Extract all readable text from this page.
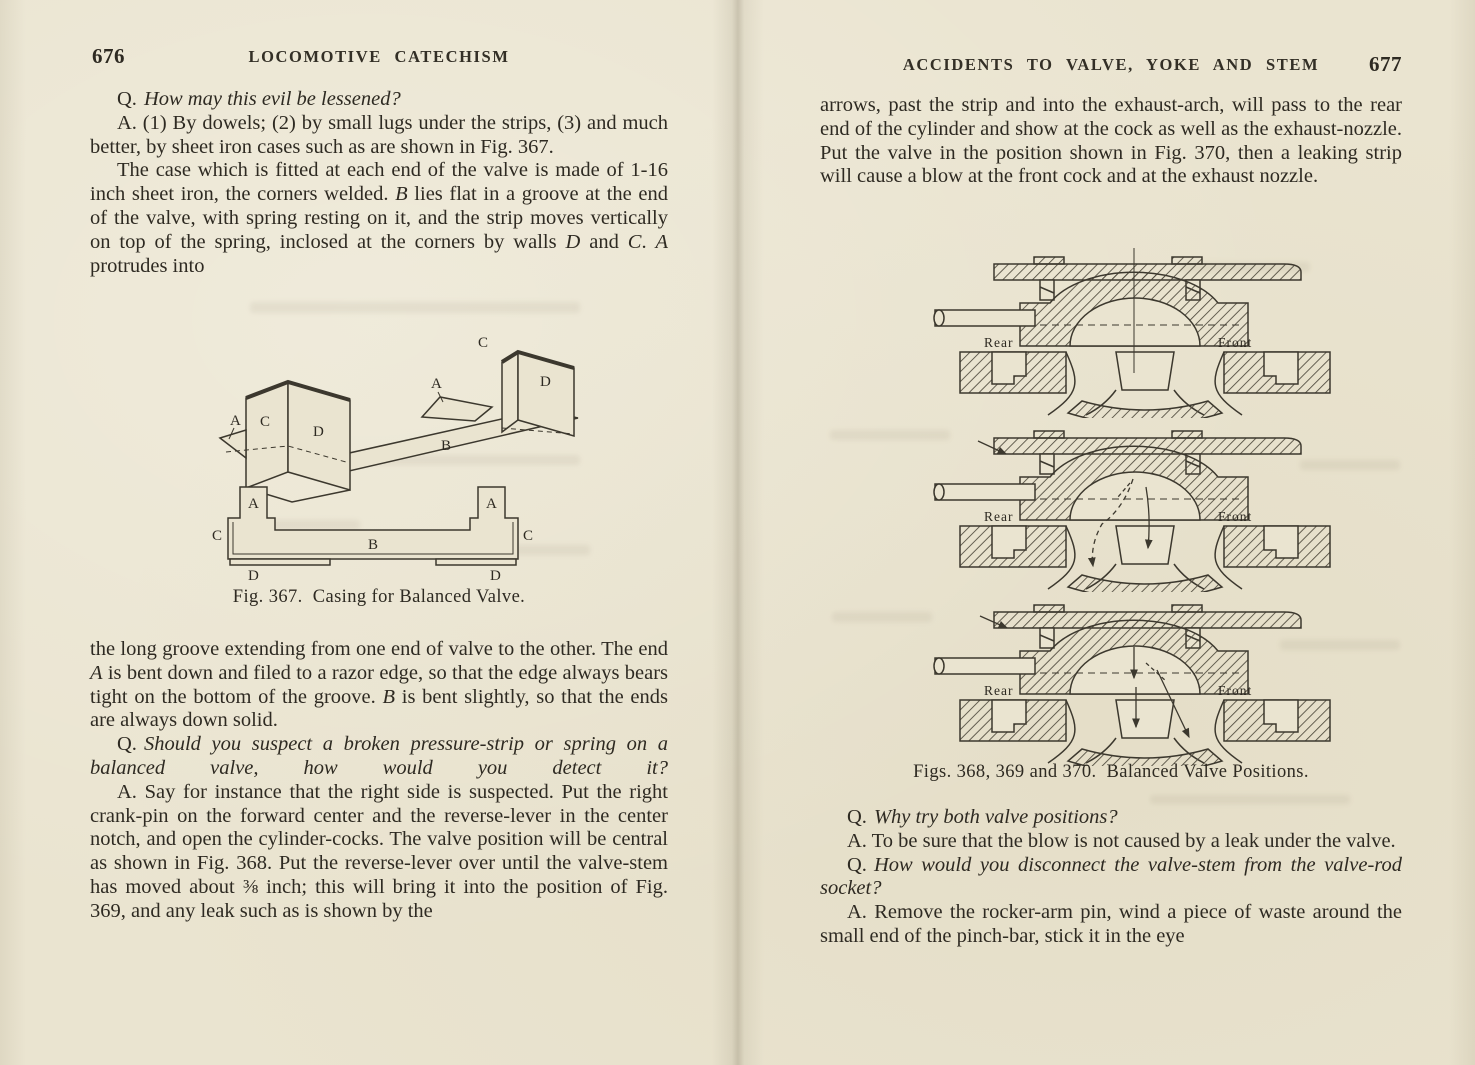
676	LOCOMOTIVE CATECHISM

Q. How may this evil be lessened?

A. (1) By dowels; (2) by small lugs under the strips, (3) and much better, by sheet iron cases such as are shown in Fig. 367.

The case which is fitted at each end of the valve is made of 1-16 inch sheet iron, the corners welded. B lies flat in a groove at the end of the valve, with spring resting on it, and the strip moves vertically on top of the spring, inclosed at the corners by walls D and C. A protrudes into

A
A
C
D
B
C
D
A	A
C	C
B
D	D
Fig. 367.  Casing for Balanced Valve.

the long groove extending from one end of valve to the other. The end A is bent down and filed to a razor edge, so that the edge always bears tight on the bottom of the groove. B is bent slightly, so that the ends are always down solid.

Q. Should you suspect a broken pressure-strip or spring on a balanced valve, how would you detect it?

A. Say for instance that the right side is suspected. Put the right crank-pin on the forward center and the reverse-lever in the center notch, and open the cylinder-cocks. The valve position will be central as shown in Fig. 368. Put the reverse-lever over until the valve-stem has moved about ⅜ inch; this will bring it into the position of Fig. 369, and any leak such as is shown by the

ACCIDENTS TO VALVE, YOKE AND STEM	677

arrows, past the strip and into the exhaust-arch, will pass to the rear end of the cylinder and show at the cock as well as the exhaust-nozzle. Put the valve in the position shown in Fig. 370, then a leaking strip will cause a blow at the front cock and at the exhaust nozzle.

Rear	Front
Rear	Front
Rear	Front
Figs. 368, 369 and 370.  Balanced Valve Positions.

Q. Why try both valve positions?

A. To be sure that the blow is not caused by a leak under the valve.

Q. How would you disconnect the valve-stem from the valve-rod socket?

A. Remove the rocker-arm pin, wind a piece of waste around the small end of the pinch-bar, stick it in the eye
